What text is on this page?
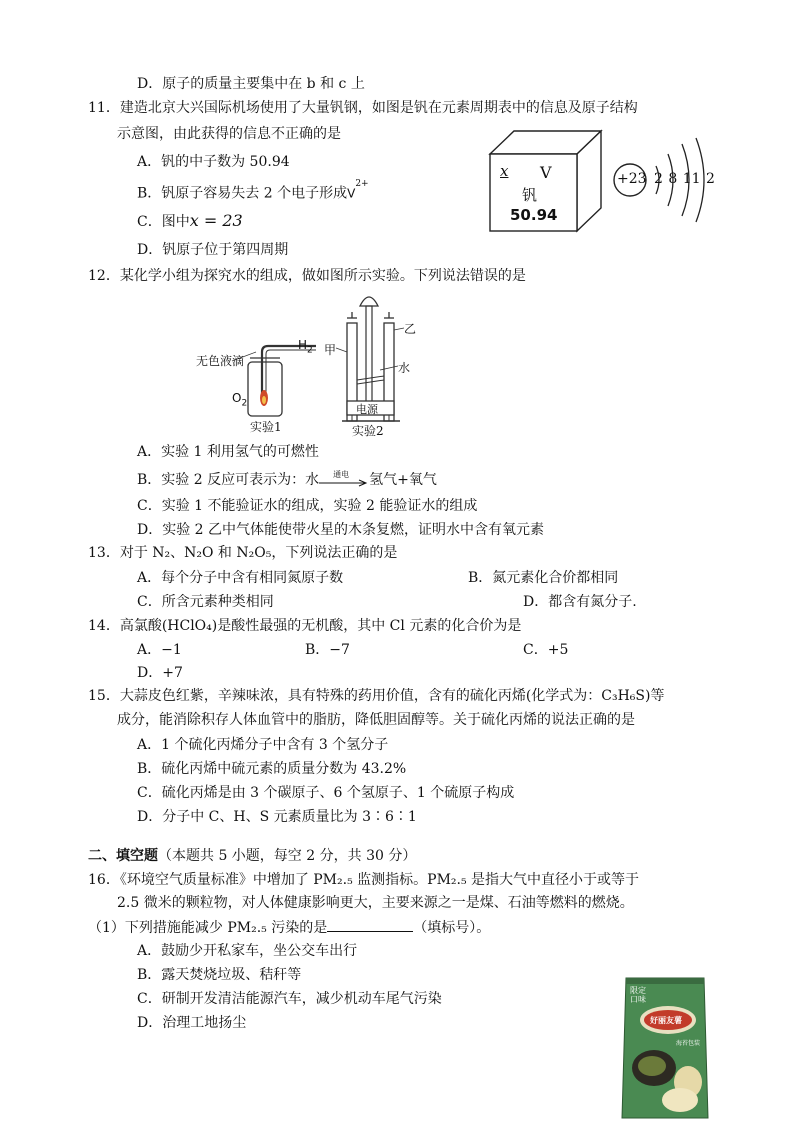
D．原子的质量主要集中在 b 和 c 上
11．建造北京大兴国际机场使用了大量钒钢，如图是钒在元素周期表中的信息及原子结构
示意图，由此获得的信息不正确的是
A．钒的中子数为 50.94
B．钒原子容易失去 2 个电子形成$V^{2+}$
C．图中x = 23
D．钒原子位于第四周期
x V
钒
50.94
+23 2 8 11 2
12．某化学小组为探究水的组成，做如图所示实验。下列说法错误的是
无色液滴
$H_2$
$O_2$
实验1
甲
乙
水
电源
实验2
A．实验 1 利用氢气的可燃性
B．实验 2 反应可表示为：水 通电 氢气+氧气
C．实验 1 不能验证水的组成，实验 2 能验证水的组成
D．实验 2 乙中气体能使带火星的木条复燃，证明水中含有氧元素
13．对于 N₂、N₂O 和 N₂O₅，下列说法正确的是
A．每个分子中含有相同氮原子数	B．氮元素化合价都相同
C．所含元素种类相同	D．都含有氮分子.
14．高氯酸(HClO₄)是酸性最强的无机酸，其中 Cl 元素的化合价为是
A．−1	B．−7	C．+5
D．+7
15．大蒜皮色红紫，辛辣味浓，具有特殊的药用价值，含有的硫化丙烯(化学式为：C₃H₆S)等
成分，能消除积存人体血管中的脂肪，降低胆固醇等。关于硫化丙烯的说法正确的是
A．1 个硫化丙烯分子中含有 3 个氢分子
B．硫化丙烯中硫元素的质量分数为 43.2%
C．硫化丙烯是由 3 个碳原子、6 个氢原子、1 个硫原子构成
D．分子中 C、H、S 元素质量比为 3∶6∶1
二、填空题（本题共 5 小题，每空 2 分，共 30 分）
16．《环境空气质量标准》中增加了 PM₂.₅ 监测指标。PM₂.₅ 是指大气中直径小于或等于
2.5 微米的颗粒物，对人体健康影响更大，主要来源之一是煤、石油等燃料的燃烧。
（1）下列措施能减少 PM₂.₅ 污染的是	（填标号）。
A．鼓励少开私家车，坐公交车出行
B．露天焚烧垃圾、秸秆等
C．研制开发清洁能源汽车，减少机动车尾气污染
D．治理工地扬尘
限定口味
好丽友薯
海苔包装
